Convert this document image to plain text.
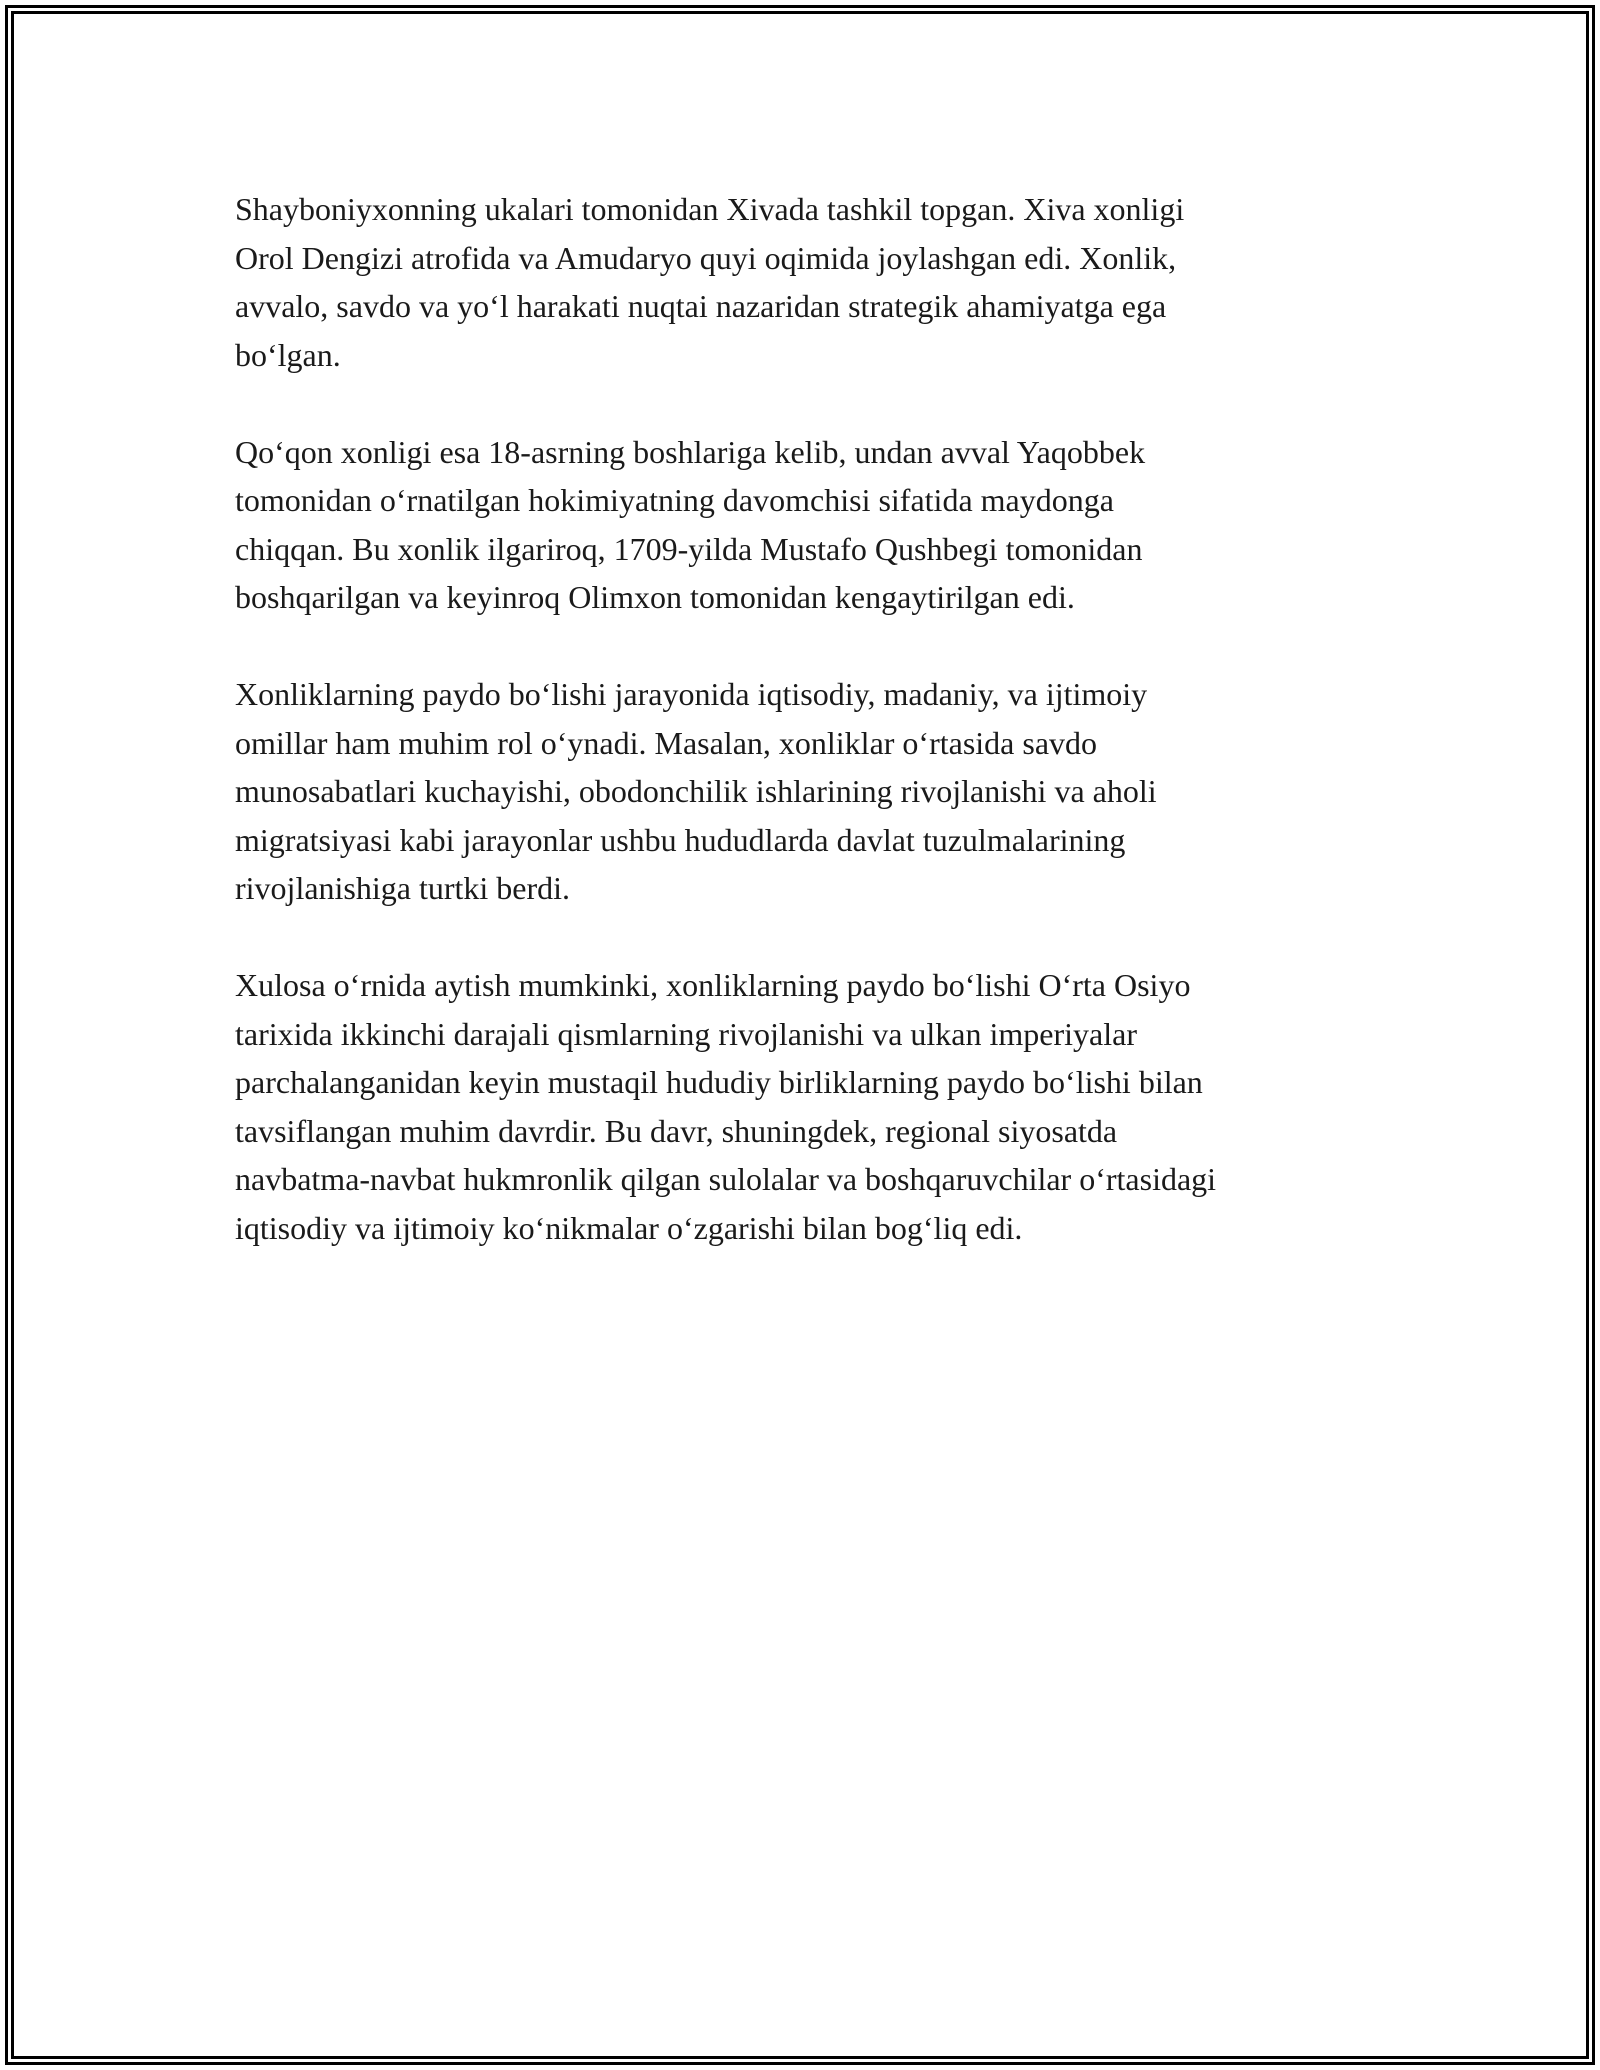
Shayboniyxonning ukalari tomonidan Xivada tashkil topgan. Xiva xonligi
Orol Dengizi atrofida va Amudaryo quyi oqimida joylashgan edi. Xonlik,
avvalo, savdo va yo‘l harakati nuqtai nazaridan strategik ahamiyatga ega
bo‘lgan.

Qo‘qon xonligi esa 18-asrning boshlariga kelib, undan avval Yaqobbek
tomonidan o‘rnatilgan hokimiyatning davomchisi sifatida maydonga
chiqqan. Bu xonlik ilgariroq, 1709-yilda Mustafo Qushbegi tomonidan
boshqarilgan va keyinroq Olimxon tomonidan kengaytirilgan edi.

Xonliklarning paydo bo‘lishi jarayonida iqtisodiy, madaniy, va ijtimoiy
omillar ham muhim rol o‘ynadi. Masalan, xonliklar o‘rtasida savdo
munosabatlari kuchayishi, obodonchilik ishlarining rivojlanishi va aholi
migratsiyasi kabi jarayonlar ushbu hududlarda davlat tuzulmalarining
rivojlanishiga turtki berdi.

Xulosa o‘rnida aytish mumkinki, xonliklarning paydo bo‘lishi O‘rta Osiyo
tarixida ikkinchi darajali qismlarning rivojlanishi va ulkan imperiyalar
parchalanganidan keyin mustaqil hududiy birliklarning paydo bo‘lishi bilan
tavsiflangan muhim davrdir. Bu davr, shuningdek, regional siyosatda
navbatma-navbat hukmronlik qilgan sulolalar va boshqaruvchilar o‘rtasidagi
iqtisodiy va ijtimoiy ko‘nikmalar o‘zgarishi bilan bog‘liq edi.
